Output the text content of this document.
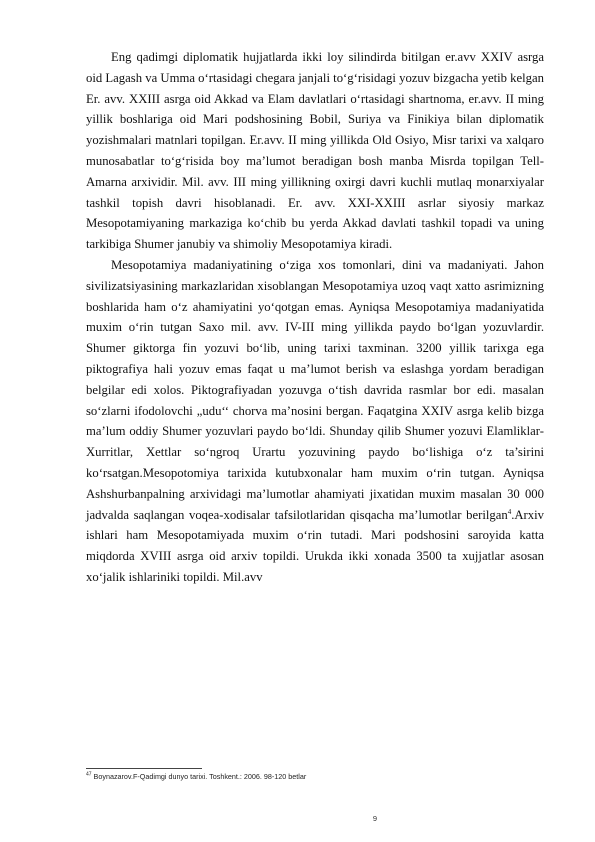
Eng qadimgi diplomatik hujjatlarda ikki loy silindirda bitilgan er.avv XXIV asrga oid Lagash va Umma o‘rtasidagi chegara janjali to‘g‘risidagi yozuv bizgacha yetib kelgan Er. avv. XXIII asrga oid Akkad va Elam davlatlari o‘rtasidagi shartnoma, er.avv. II ming yillik boshlariga oid Mari podshosining Bobil, Suriya va Finikiya bilan diplomatik yozishmalari matnlari topilgan. Er.avv. II ming yillikda Old Osiyo, Misr tarixi va xalqaro munosabatlar to‘g‘risida boy ma’lumot beradigan bosh manba Misrda topilgan Tell-Amarna arxividir. Mil. avv. III ming yillikning oxirgi davri kuchli mutlaq monarxiyalar tashkil topish davri hisoblanadi. Er. avv. XXI-XXIII asrlar siyosiy markaz Mesopotamiyaning markaziga ko‘chib bu yerda Akkad davlati tashkil topadi va uning tarkibiga Shumer janubiy va shimoliy Mesopotamiya kiradi.

Mesopotamiya madaniyatining o‘ziga xos tomonlari, dini va madaniyati. Jahon sivilizatsiyasining markazlaridan xisoblangan Mesopotamiya uzoq vaqt xatto asrimizning boshlarida ham o‘z ahamiyatini yo‘qotgan emas. Ayniqsa Mesopotamiya madaniyatida muxim o‘rin tutgan Saxo mil. avv. IV-III ming yillikda paydo bo‘lgan yozuvlardir. Shumer giktorga fin yozuvi bo‘lib, uning tarixi taxminan. 3200 yillik tarixga ega piktografiya hali yozuv emas faqat u ma’lumot berish va eslashga yordam beradigan belgilar edi xolos. Piktografiyadan yozuvga o‘tish davrida rasmlar bor edi. masalan so‘zlarni ifodolovchi „udu‘‘ chorva ma’nosini bergan. Faqatgina XXIV asrga kelib bizga ma’lum oddiy Shumer yozuvlari paydo bo‘ldi. Shunday qilib Shumer yozuvi Elamliklar-Xurritlar, Xettlar so‘ngroq Urartu yozuvining paydo bo‘lishiga o‘z ta’sirini ko‘rsatgan.Mesopotomiya tarixida kutubxonalar ham muxim o‘rin tutgan. Ayniqsa Ashshurbanpalning arxividagi ma’lumotlar ahamiyati jixatidan muxim masalan 30 000 jadvalda saqlangan voqea-xodisalar tafsilotlaridan qisqacha ma’lumotlar berilgan$^4$.Arxiv ishlari ham Mesopotamiyada muxim o‘rin tutadi. Mari podshosini saroyida katta miqdorda XVIII asrga oid arxiv topildi. Urukda ikki xonada 3500 ta xujjatlar asosan xo‘jalik ishlariniki topildi. Mil.avv

$^{47}$ Boynazarov.F-Qadimgi dunyo tarixi. Toshkent.: 2006. 98-120 betlar
9
